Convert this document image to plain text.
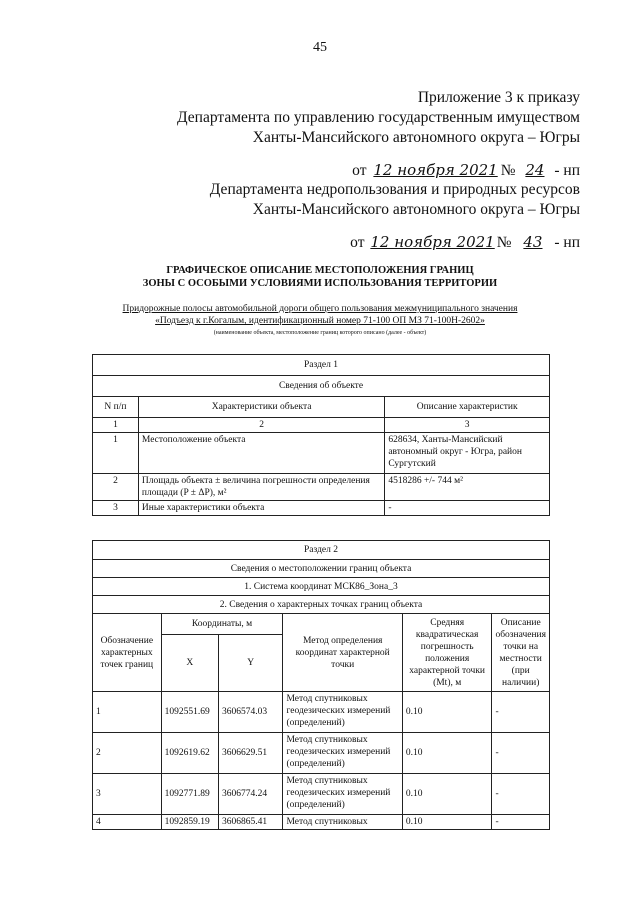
45
Приложение 3 к приказу
Департамента по управлению государственным имуществом
Ханты-Мансийского автономного округа – Югры
от 12 ноября 2021 № 24 - нп
Департамента недропользования и природных ресурсов
Ханты-Мансийского автономного округа – Югры
от 12 ноября 2021 № 43 - нп
ГРАФИЧЕСКОЕ ОПИСАНИЕ МЕСТОПОЛОЖЕНИЯ ГРАНИЦ
ЗОНЫ С ОСОБЫМИ УСЛОВИЯМИ ИСПОЛЬЗОВАНИЯ ТЕРРИТОРИИ
Придорожные полосы автомобильной дороги общего пользования межмуниципального значения
«Подъезд к г.Когалым, идентификационный номер 71-100 ОП МЗ 71-100Н-2602»
(наименование объекта, местоположение границ которого описано (далее - объект)
Раздел 1		
Сведения об объекте		
N п/п	Характеристики объекта	Описание характеристик
1	2	3
1	Местоположение объекта	628634, Ханты-Мансийский автономный округ - Югра, район Сургутский
2	Площадь объекта ± величина погрешности определения площади (P ± ΔP), м²	4518286 +/- 744 м²
3	Иные характеристики объекта	-
Раздел 2					
Сведения о местоположении границ объекта					
1. Система координат МСК86_Зона_3					
2. Сведения о характерных точках границ объекта					
Обозначение характерных точек границ	Координаты, м		Метод определения координат характерной точки	Средняя квадратическая погрешность положения характерной точки (Mt), м	Описание обозначения точки на местности (при наличии)
	X	Y			
1	1092551.69	3606574.03	Метод спутниковых геодезических измерений (определений)	0.10	-
2	1092619.62	3606629.51	Метод спутниковых геодезических измерений (определений)	0.10	-
3	1092771.89	3606774.24	Метод спутниковых геодезических измерений (определений)	0.10	-
4	1092859.19	3606865.41	Метод спутниковых	0.10	-
